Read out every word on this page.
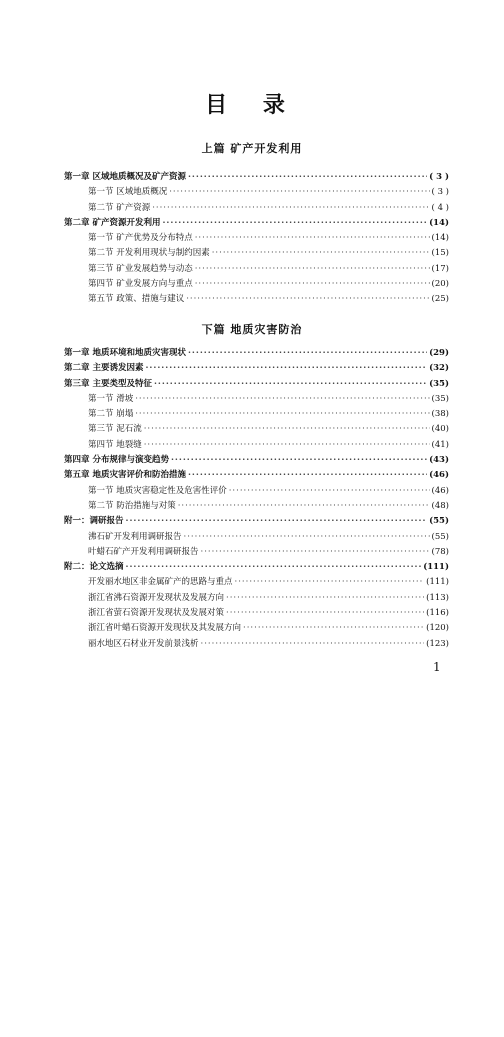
目 录
上篇 矿产开发利用
第一章 区域地质概况及矿产资源 ·····	( 3 )
第一节 区域地质概况 ·····	( 3 )
第二节 矿产资源 ·····	( 4 )
第二章 矿产资源开发利用 ·····	(14)
第一节 矿产优势及分布特点 ·····	(14)
第二节 开发利用现状与制约因素 ·····	(15)
第三节 矿业发展趋势与动态 ·····	(17)
第四节 矿业发展方向与重点 ·····	(20)
第五节 政策、措施与建议 ·····	(25)
下篇 地质灾害防治
第一章 地质环境和地质灾害现状 ·····	(29)
第二章 主要诱发因素 ·····	(32)
第三章 主要类型及特征 ·····	(35)
第一节 滑坡 ·····	(35)
第二节 崩塌 ·····	(38)
第三节 泥石流 ·····	(40)
第四节 地裂缝 ·····	(41)
第四章 分布规律与演变趋势 ·····	(43)
第五章 地质灾害评价和防治措施 ·····	(46)
第一节 地质灾害稳定性及危害性评价 ·····	(46)
第二节 防治措施与对策 ·····	(48)
附一：调研报告 ·····	(55)
沸石矿开发利用调研报告 ·····	(55)
叶蜡石矿产开发利用调研报告 ·····	(78)
附二：论文选摘 ·····	(111)
开发丽水地区非金属矿产的思路与重点 ·····	(111)
浙江省沸石资源开发现状及发展方向 ·····	(113)
浙江省萤石资源开发现状及发展对策 ·····	(116)
浙江省叶蜡石资源开发现状及其发展方向 ·····	(120)
丽水地区石材业开发前景浅析 ·····	(123)
1
